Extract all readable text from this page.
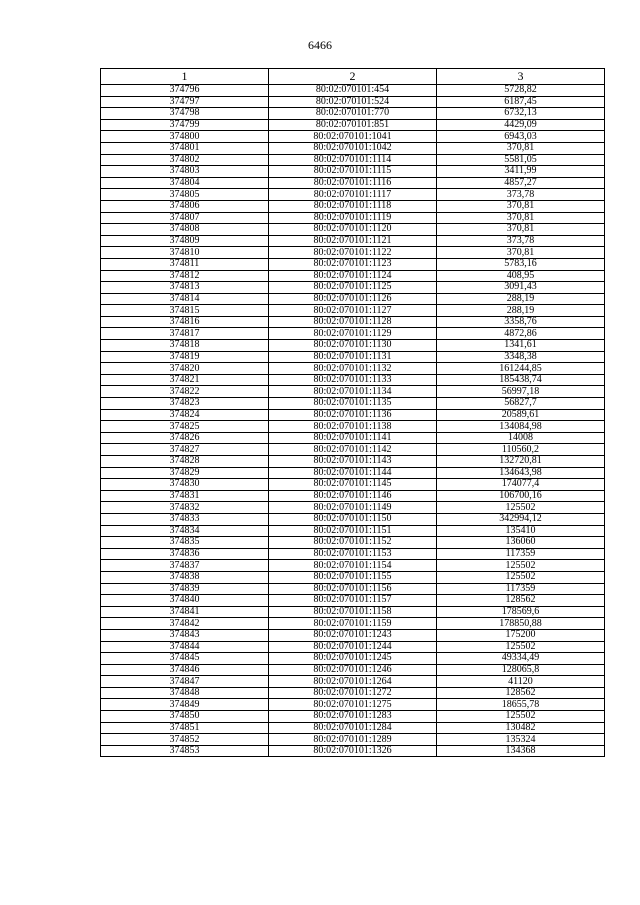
6466
1	2	3
374796	80:02:070101:454	5728,82
374797	80:02:070101:524	6187,45
374798	80:02:070101:770	6732,13
374799	80:02:070101:851	4429,09
374800	80:02:070101:1041	6943,03
374801	80:02:070101:1042	370,81
374802	80:02:070101:1114	5581,05
374803	80:02:070101:1115	3411,99
374804	80:02:070101:1116	4857,27
374805	80:02:070101:1117	373,78
374806	80:02:070101:1118	370,81
374807	80:02:070101:1119	370,81
374808	80:02:070101:1120	370,81
374809	80:02:070101:1121	373,78
374810	80:02:070101:1122	370,81
374811	80:02:070101:1123	5783,16
374812	80:02:070101:1124	408,95
374813	80:02:070101:1125	3091,43
374814	80:02:070101:1126	288,19
374815	80:02:070101:1127	288,19
374816	80:02:070101:1128	3358,76
374817	80:02:070101:1129	4872,86
374818	80:02:070101:1130	1341,61
374819	80:02:070101:1131	3348,38
374820	80:02:070101:1132	161244,85
374821	80:02:070101:1133	185438,74
374822	80:02:070101:1134	56997,18
374823	80:02:070101:1135	56827,7
374824	80:02:070101:1136	20589,61
374825	80:02:070101:1138	134084,98
374826	80:02:070101:1141	14008
374827	80:02:070101:1142	110560,2
374828	80:02:070101:1143	132720,81
374829	80:02:070101:1144	134643,98
374830	80:02:070101:1145	174077,4
374831	80:02:070101:1146	106700,16
374832	80:02:070101:1149	125502
374833	80:02:070101:1150	342994,12
374834	80:02:070101:1151	135410
374835	80:02:070101:1152	136060
374836	80:02:070101:1153	117359
374837	80:02:070101:1154	125502
374838	80:02:070101:1155	125502
374839	80:02:070101:1156	117359
374840	80:02:070101:1157	128562
374841	80:02:070101:1158	178569,6
374842	80:02:070101:1159	178850,88
374843	80:02:070101:1243	175200
374844	80:02:070101:1244	125502
374845	80:02:070101:1245	49334,49
374846	80:02:070101:1246	128065,8
374847	80:02:070101:1264	41120
374848	80:02:070101:1272	128562
374849	80:02:070101:1275	18655,78
374850	80:02:070101:1283	125502
374851	80:02:070101:1284	130482
374852	80:02:070101:1289	135324
374853	80:02:070101:1326	134368
